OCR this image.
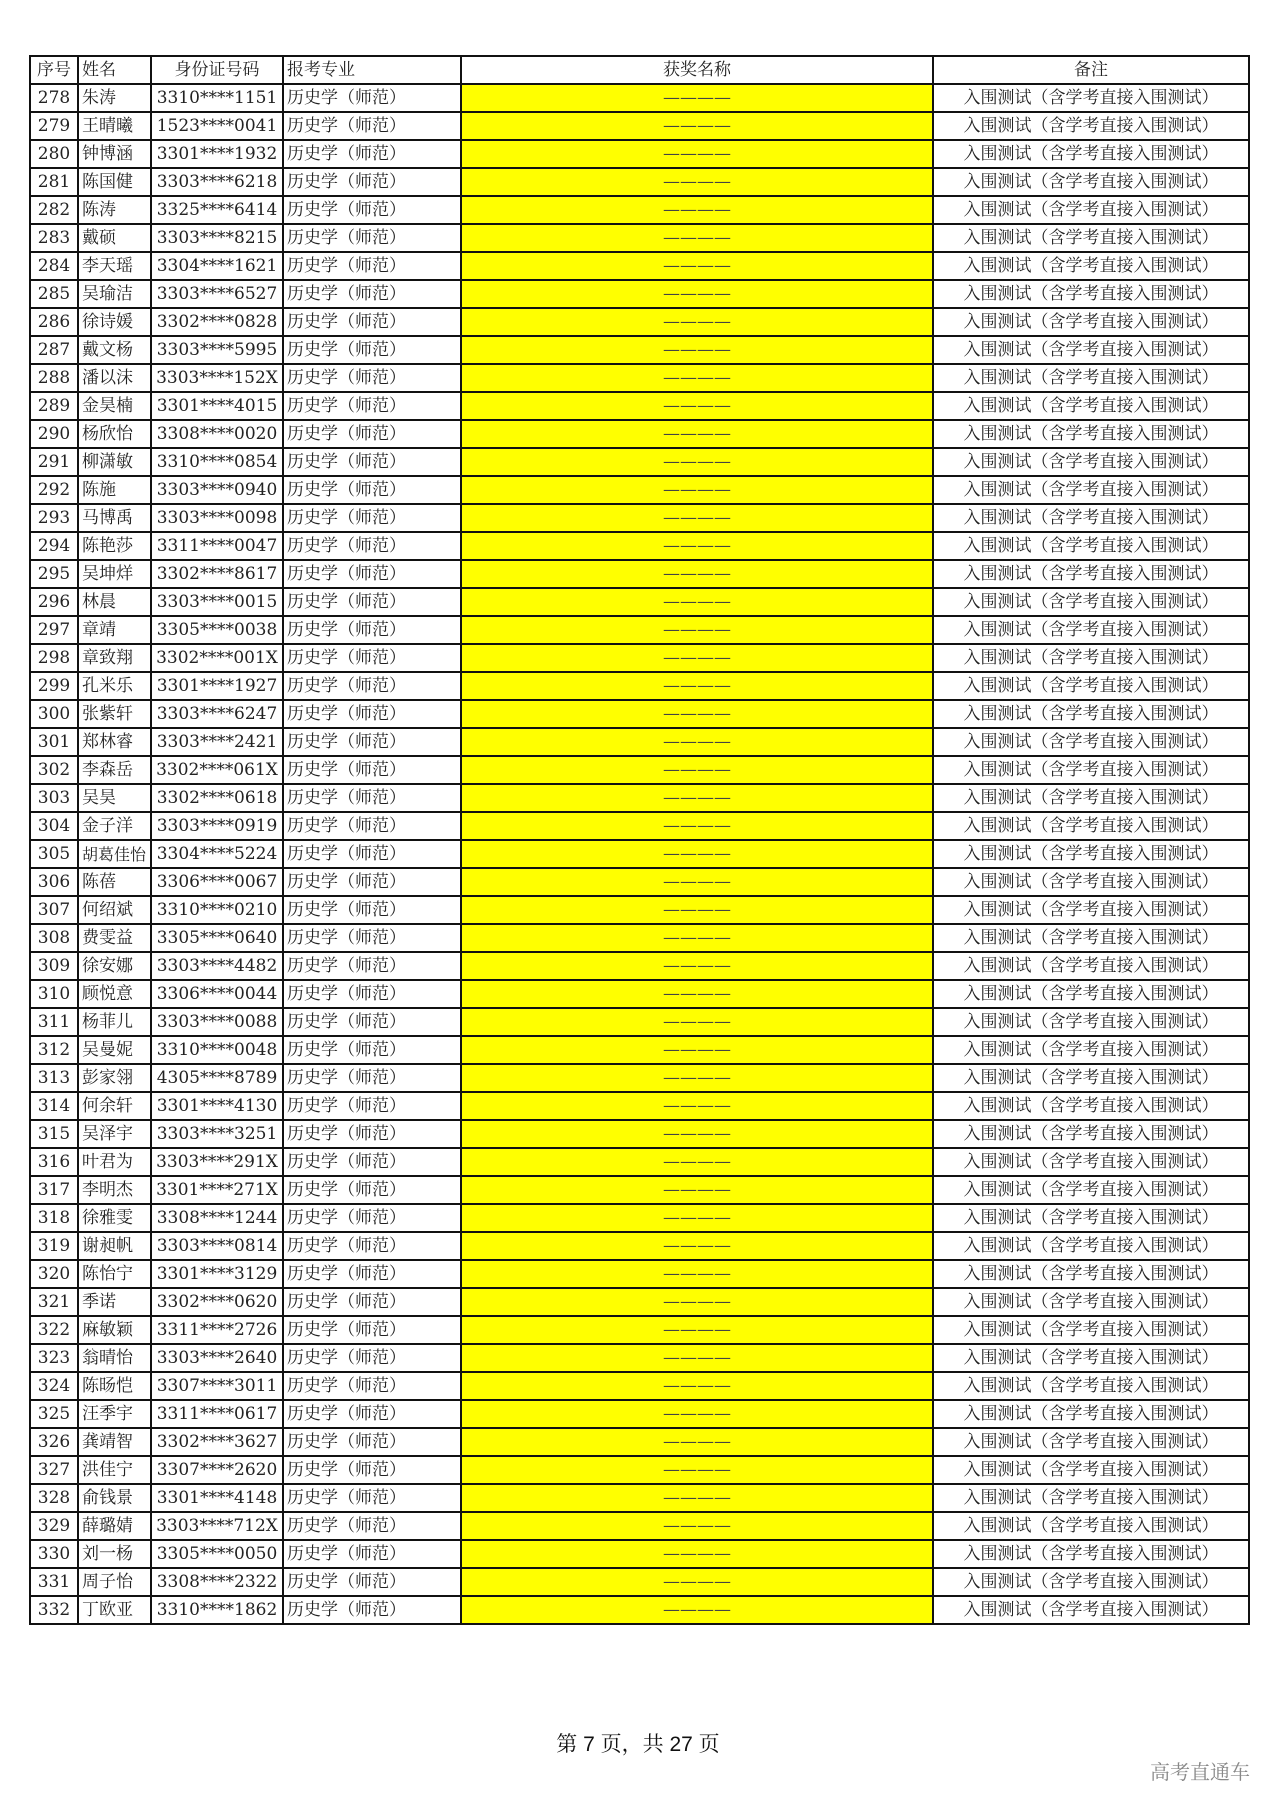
序号	姓名	身份证号码	报考专业	获奖名称	备注
278	朱涛	3310****1151	历史学（师范）	————	入围测试（含学考直接入围测试）
279	王晴曦	1523****0041	历史学（师范）	————	入围测试（含学考直接入围测试）
280	钟博涵	3301****1932	历史学（师范）	————	入围测试（含学考直接入围测试）
281	陈国健	3303****6218	历史学（师范）	————	入围测试（含学考直接入围测试）
282	陈涛	3325****6414	历史学（师范）	————	入围测试（含学考直接入围测试）
283	戴硕	3303****8215	历史学（师范）	————	入围测试（含学考直接入围测试）
284	李天瑶	3304****1621	历史学（师范）	————	入围测试（含学考直接入围测试）
285	吴瑜洁	3303****6527	历史学（师范）	————	入围测试（含学考直接入围测试）
286	徐诗媛	3302****0828	历史学（师范）	————	入围测试（含学考直接入围测试）
287	戴文杨	3303****5995	历史学（师范）	————	入围测试（含学考直接入围测试）
288	潘以沫	3303****152X	历史学（师范）	————	入围测试（含学考直接入围测试）
289	金昊楠	3301****4015	历史学（师范）	————	入围测试（含学考直接入围测试）
290	杨欣怡	3308****0020	历史学（师范）	————	入围测试（含学考直接入围测试）
291	柳潇敏	3310****0854	历史学（师范）	————	入围测试（含学考直接入围测试）
292	陈施	3303****0940	历史学（师范）	————	入围测试（含学考直接入围测试）
293	马博禹	3303****0098	历史学（师范）	————	入围测试（含学考直接入围测试）
294	陈艳莎	3311****0047	历史学（师范）	————	入围测试（含学考直接入围测试）
295	吴坤烊	3302****8617	历史学（师范）	————	入围测试（含学考直接入围测试）
296	林晨	3303****0015	历史学（师范）	————	入围测试（含学考直接入围测试）
297	章靖	3305****0038	历史学（师范）	————	入围测试（含学考直接入围测试）
298	章致翔	3302****001X	历史学（师范）	————	入围测试（含学考直接入围测试）
299	孔米乐	3301****1927	历史学（师范）	————	入围测试（含学考直接入围测试）
300	张紫轩	3303****6247	历史学（师范）	————	入围测试（含学考直接入围测试）
301	郑林睿	3303****2421	历史学（师范）	————	入围测试（含学考直接入围测试）
302	李森岳	3302****061X	历史学（师范）	————	入围测试（含学考直接入围测试）
303	吴昊	3302****0618	历史学（师范）	————	入围测试（含学考直接入围测试）
304	金子洋	3303****0919	历史学（师范）	————	入围测试（含学考直接入围测试）
305	胡葛佳怡	3304****5224	历史学（师范）	————	入围测试（含学考直接入围测试）
306	陈蓓	3306****0067	历史学（师范）	————	入围测试（含学考直接入围测试）
307	何绍斌	3310****0210	历史学（师范）	————	入围测试（含学考直接入围测试）
308	费雯益	3305****0640	历史学（师范）	————	入围测试（含学考直接入围测试）
309	徐安娜	3303****4482	历史学（师范）	————	入围测试（含学考直接入围测试）
310	顾悦意	3306****0044	历史学（师范）	————	入围测试（含学考直接入围测试）
311	杨菲儿	3303****0088	历史学（师范）	————	入围测试（含学考直接入围测试）
312	吴曼妮	3310****0048	历史学（师范）	————	入围测试（含学考直接入围测试）
313	彭家翎	4305****8789	历史学（师范）	————	入围测试（含学考直接入围测试）
314	何余轩	3301****4130	历史学（师范）	————	入围测试（含学考直接入围测试）
315	吴泽宇	3303****3251	历史学（师范）	————	入围测试（含学考直接入围测试）
316	叶君为	3303****291X	历史学（师范）	————	入围测试（含学考直接入围测试）
317	李明杰	3301****271X	历史学（师范）	————	入围测试（含学考直接入围测试）
318	徐雅雯	3308****1244	历史学（师范）	————	入围测试（含学考直接入围测试）
319	谢昶帆	3303****0814	历史学（师范）	————	入围测试（含学考直接入围测试）
320	陈怡宁	3301****3129	历史学（师范）	————	入围测试（含学考直接入围测试）
321	季诺	3302****0620	历史学（师范）	————	入围测试（含学考直接入围测试）
322	麻敏颖	3311****2726	历史学（师范）	————	入围测试（含学考直接入围测试）
323	翁晴怡	3303****2640	历史学（师范）	————	入围测试（含学考直接入围测试）
324	陈旸恺	3307****3011	历史学（师范）	————	入围测试（含学考直接入围测试）
325	汪季宇	3311****0617	历史学（师范）	————	入围测试（含学考直接入围测试）
326	龚靖智	3302****3627	历史学（师范）	————	入围测试（含学考直接入围测试）
327	洪佳宁	3307****2620	历史学（师范）	————	入围测试（含学考直接入围测试）
328	俞钱景	3301****4148	历史学（师范）	————	入围测试（含学考直接入围测试）
329	薛璐婧	3303****712X	历史学（师范）	————	入围测试（含学考直接入围测试）
330	刘一杨	3305****0050	历史学（师范）	————	入围测试（含学考直接入围测试）
331	周子怡	3308****2322	历史学（师范）	————	入围测试（含学考直接入围测试）
332	丁欧亚	3310****1862	历史学（师范）	————	入围测试（含学考直接入围测试）
第 7 页，共 27 页
高考直通车
